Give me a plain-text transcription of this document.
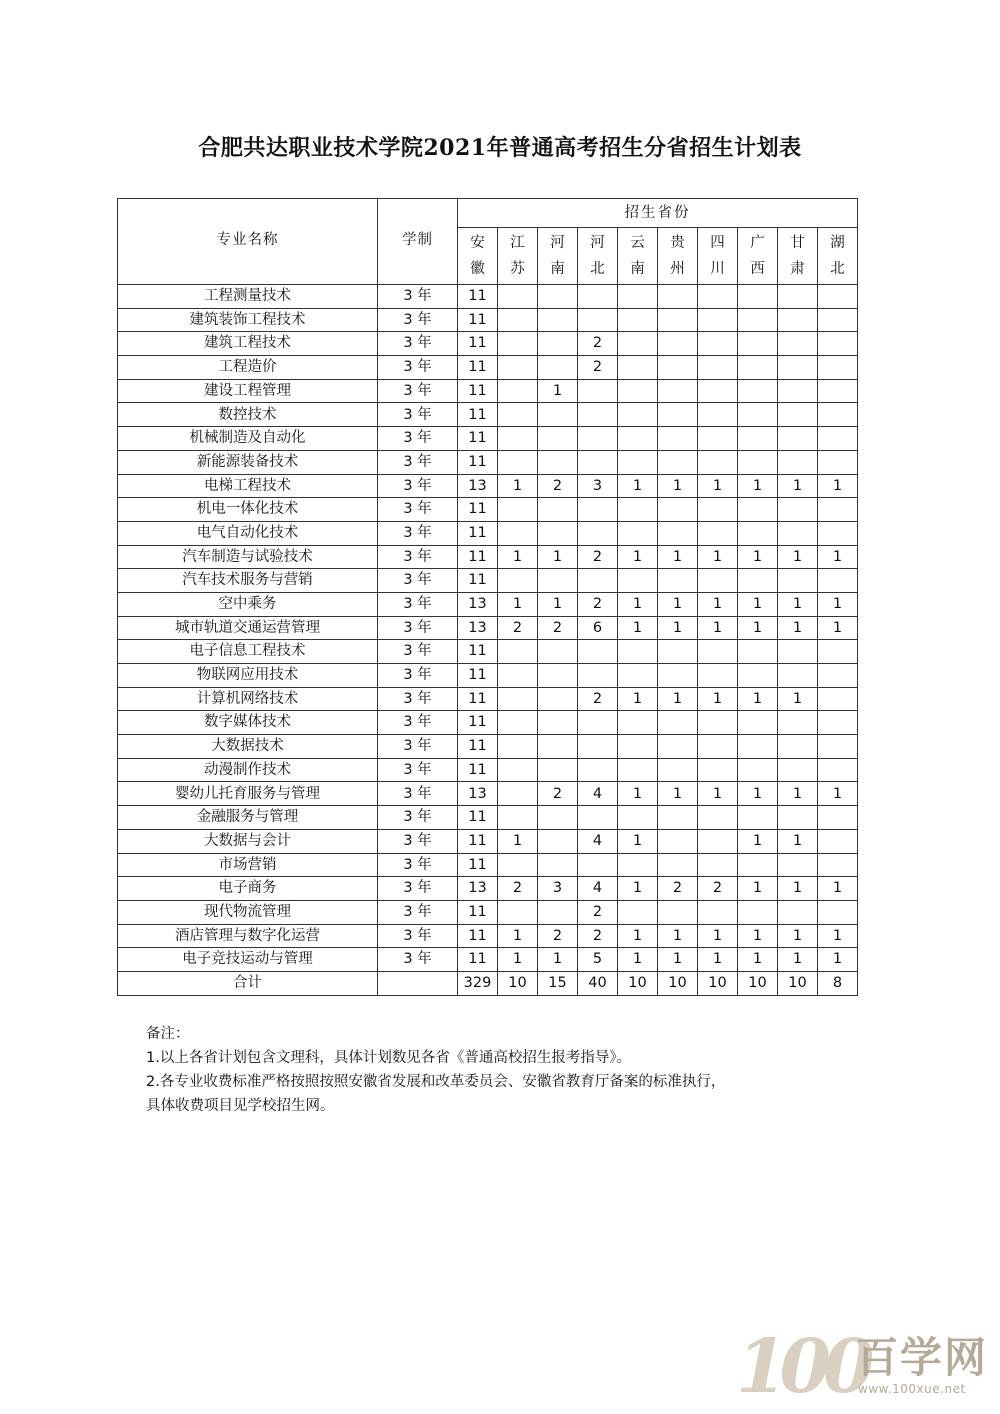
合肥共达职业技术学院2021年普通高考招生分省招生计划表
专业名称	学制	招生省份									
		安徽	江苏	河南	河北	云南	贵州	四川	广西	甘肃	湖北
工程测量技术	3 年	11									
建筑装饰工程技术	3 年	11									
建筑工程技术	3 年	11			2						
工程造价	3 年	11			2						
建设工程管理	3 年	11		1							
数控技术	3 年	11									
机械制造及自动化	3 年	11									
新能源装备技术	3 年	11									
电梯工程技术	3 年	13	1	2	3	1	1	1	1	1	1
机电一体化技术	3 年	11									
电气自动化技术	3 年	11									
汽车制造与试验技术	3 年	11	1	1	2	1	1	1	1	1	1
汽车技术服务与营销	3 年	11									
空中乘务	3 年	13	1	1	2	1	1	1	1	1	1
城市轨道交通运营管理	3 年	13	2	2	6	1	1	1	1	1	1
电子信息工程技术	3 年	11									
物联网应用技术	3 年	11									
计算机网络技术	3 年	11			2	1	1	1	1	1	
数字媒体技术	3 年	11									
大数据技术	3 年	11									
动漫制作技术	3 年	11									
婴幼儿托育服务与管理	3 年	13		2	4	1	1	1	1	1	1
金融服务与管理	3 年	11									
大数据与会计	3 年	11	1		4	1			1	1	
市场营销	3 年	11									
电子商务	3 年	13	2	3	4	1	2	2	1	1	1
现代物流管理	3 年	11			2						
酒店管理与数字化运营	3 年	11	1	2	2	1	1	1	1	1	1
电子竞技运动与管理	3 年	11	1	1	5	1	1	1	1	1	1
合计		329	10	15	40	10	10	10	10	10	8
备注：
1.以上各省计划包含文理科，具体计划数见各省《普通高校招生报考指导》。
2.各专业收费标准严格按照按照安徽省发展和改革委员会、安徽省教育厅备案的标准执行，
具体收费项目见学校招生网。
100
百学网
www.100xue.net
